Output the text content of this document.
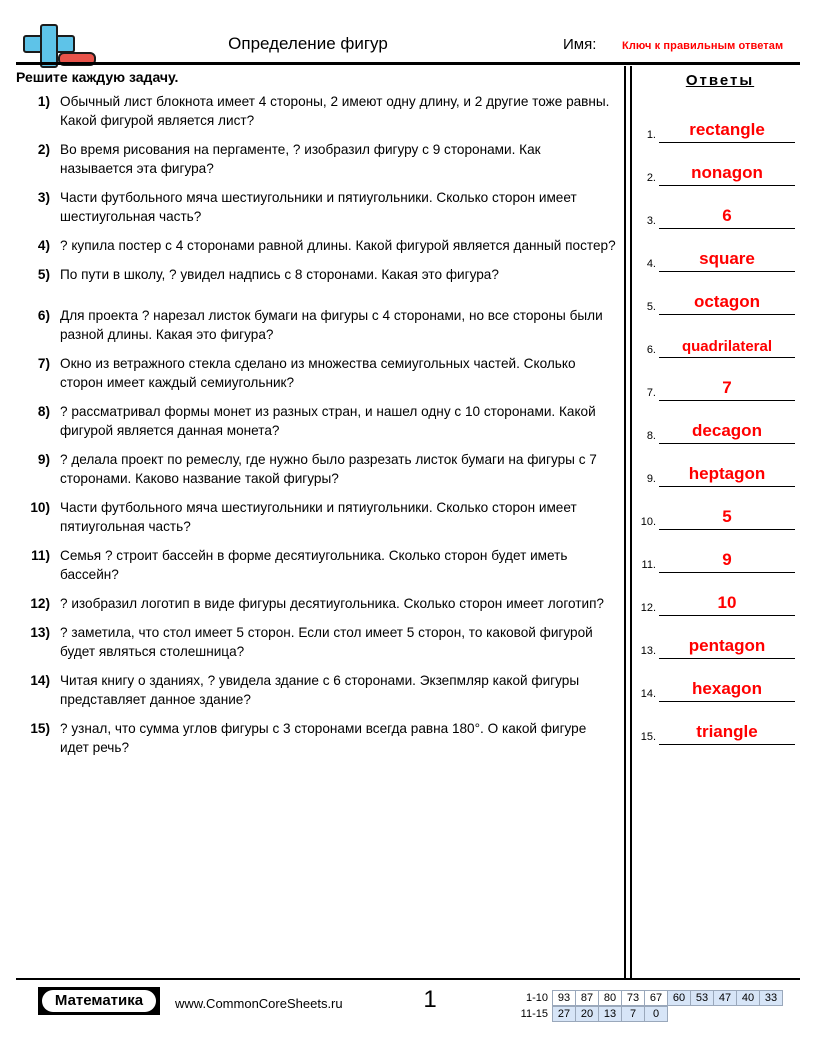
Определение фигур	Имя: Ключ к правильным ответам
Решите каждую задачу.
1) Обычный лист блокнота имеет 4 стороны, 2 имеют одну длину, и 2 другие тоже равны. Какой фигурой является лист?
2) Во время рисования на пергаменте, ? изобразил фигуру с 9 сторонами. Как называется эта фигура?
3) Части футбольного мяча шестиугольники и пятиугольники. Сколько сторон имеет шестиугольная часть?
4) ? купила постер с 4 сторонами равной длины. Какой фигурой является данный постер?
5) По пути в школу, ? увидел надпись с 8 сторонами. Какая это фигура?
6) Для проекта ? нарезал листок бумаги на фигуры с 4 сторонами, но все стороны были разной длины. Какая это фигура?
7) Окно из ветражного стекла сделано из множества семиугольных частей. Сколько сторон имеет каждый семиугольник?
8) ? рассматривал формы монет из разных стран, и нашел одну с 10 сторонами. Какой фигурой является данная монета?
9) ? делала проект по ремеслу, где нужно было разрезать листок бумаги на фигуры с 7 сторонами. Каково название такой фигуры?
10) Части футбольного мяча шестиугольники и пятиугольники. Сколько сторон имеет пятиугольная часть?
11) Семья ? строит бассейн в форме десятиугольника. Сколько сторон будет иметь бассейн?
12) ? изобразил логотип в виде фигуры десятиугольника. Сколько сторон имеет логотип?
13) ? заметила, что стол имеет 5 сторон. Если стол имеет 5 сторон, то каковой фигурой будет являться столешница?
14) Читая книгу о зданиях, ? увидела здание с 6 сторонами. Экзепмляр какой фигуры представляет данное здание?
15) ? узнал, что сумма углов фигуры с 3 сторонами всегда равна 180°. О какой фигуре идет речь?
Ответы
1.	rectangle
2.	nonagon
3.	6
4.	square
5.	octagon
6.	quadrilateral
7.	7
8.	decagon
9.	heptagon
10.	5
11.	9
12.	10
13.	pentagon
14.	hexagon
15.	triangle
Математика	www.CommonCoreSheets.ru	1	1-10 93 87 80 73 67 60 53 47 40 33
11-15 27 20 13	7	0
